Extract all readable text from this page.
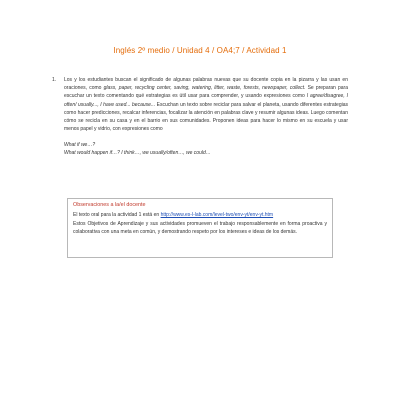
Inglés 2º medio / Unidad 4 / OA4;7 / Actividad 1
1. Los y los estudiantes buscan el significado de algunas palabras nuevas que su docente copia en la pizarra y las usan en oraciones, como glass, paper, recycling center, saving, watering, litter, waste, forests, newspaper, collect. Se preparan para escuchar un texto comentando qué estrategias es útil usar para comprender, y usando expresiones como I agree/disagree, I often/ usually..., I have used... because... Escuchan un texto sobre reciclar para salvar el planeta, usando diferentes estrategias como hacer predicciones, recalcar inferencias, focalizar la atención en palabras clave y resumir algunas ideas. Luego comentan cómo se recicla en su casa y en el barrio en sus comunidades. Proponen ideas para hacer lo mismo en su escuela y usar menos papel y vidrio, con expresiones como
What if we…?
What would happen if…? I think…, we usually/often…, we could…
Observaciones a la/el docente
El texto oral para la actividad 1 está en http://www.es-l-lab.com/level-two/env-yt/env-yt.htm
Estos Objetivos de Aprendizaje y sus actividades promueven el trabajo responsablemente en forma proactiva y colaborativa con una meta en común, y demostrando respeto por los intereses e ideas de los demás.
